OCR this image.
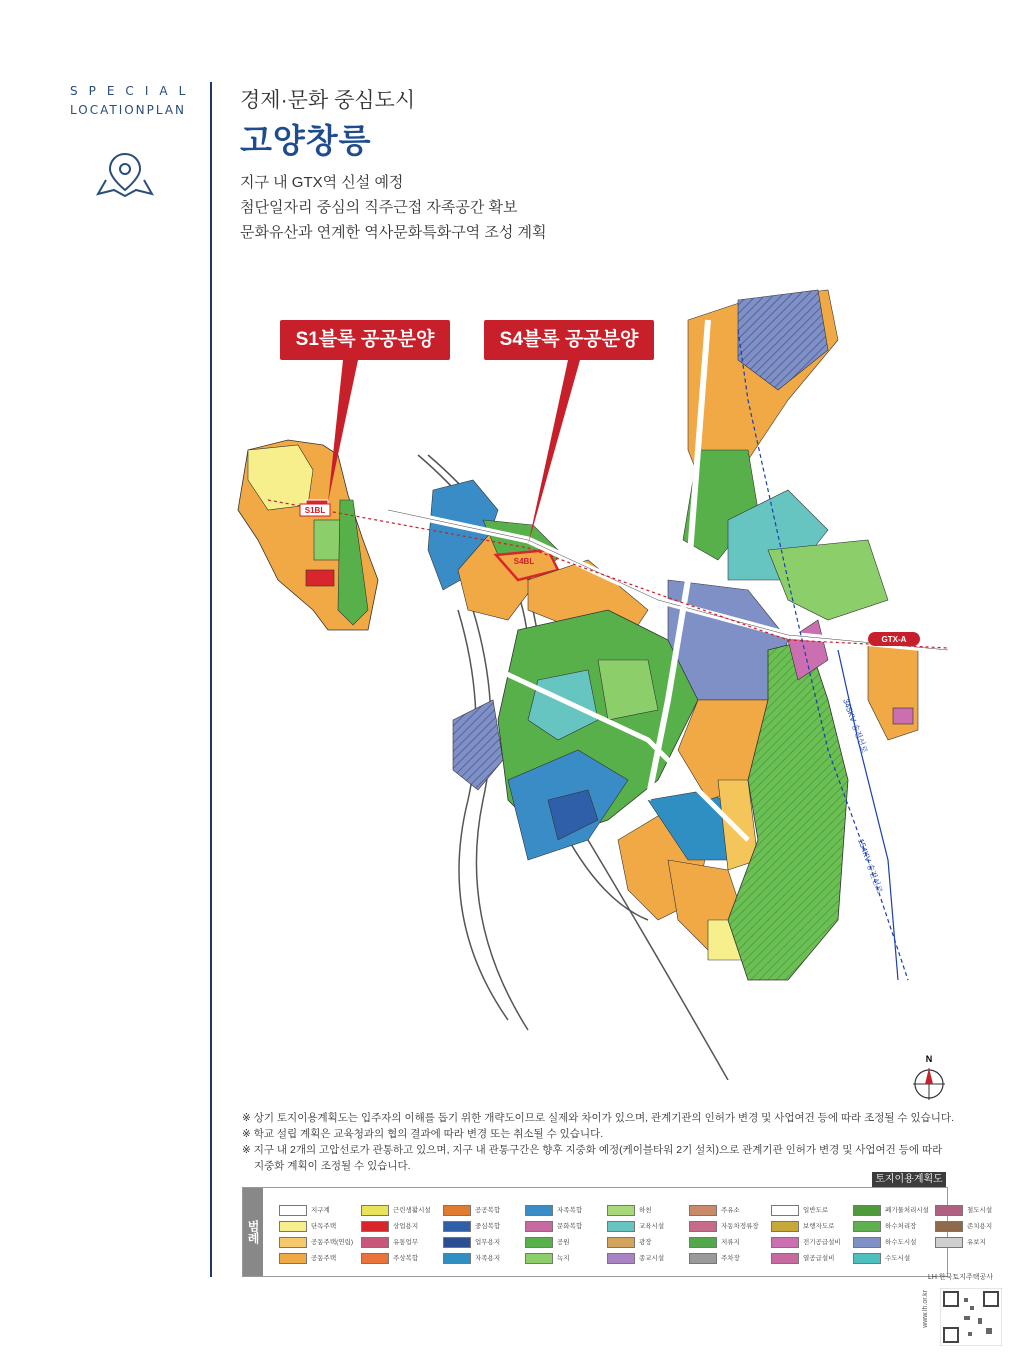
SPECIAL
LOCATIONPLAN	경제·문화 중심도시
고양창릉
지구 내 GTX역 신설 예정
첨단일자리 중심의 직주근접 자족공간 확보
문화유산과 연계한 역사문화특화구역 조성 계획
S1BL
S4BL
GTX-A
345KV 송전선로
154KV 송전선로
S1블록 공공분양	S4블록 공공분양
N
※ 상기 토지이용계획도는 입주자의 이해를 돕기 위한 개략도이므로 실제와 차이가 있으며, 관계기관의 인허가 변경 및 사업여건 등에 따라 조정될 수 있습니다.
※ 학교 설립 계획은 교육청과의 협의 결과에 따라 변경 또는 취소될 수 있습니다.
※ 지구 내 2개의 고압선로가 관통하고 있으며, 지구 내 관통구간은 향후 지중화 예정(케이블타워 2기 설치)으로 관계기관 인허가 변경 및 사업여건 등에 따라
지중화 계획이 조정될 수 있습니다.
토지이용계획도
범례
지구계
단독주택
공동주택(연립)
공동주택
근린생활시설
상업용지
유통업무
주상복합
공공복합
중심복합
업무용지
자족용지
자족복합
문화복합
공원
녹지
하천
교육시설
광장
종교시설
주유소
자동차정류장
저류지
주차장
일반도로
보행자도로
전기공급설비
열공급설비
폐기물처리시설
하수처리장
하수도시설
수도시설
철도시설
존치용지
유보지
LH 한국토지주택공사
www.lh.or.kr
